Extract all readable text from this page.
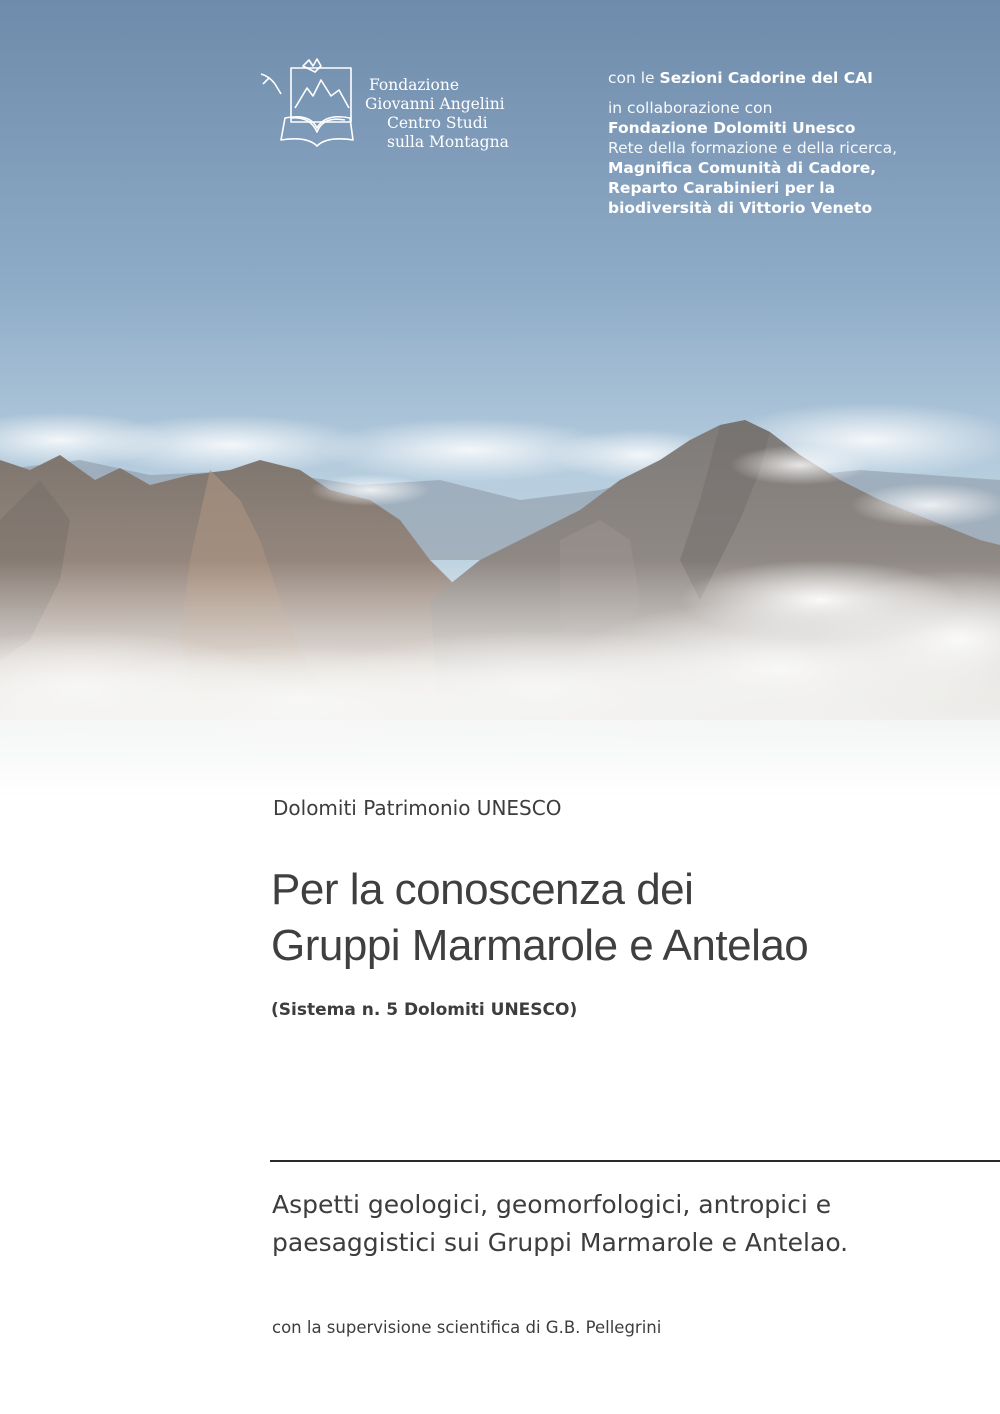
Fondazione
Giovanni Angelini
Centro Studi
sulla Montagna
con le Sezioni Cadorine del CAI
in collaborazione con
Fondazione Dolomiti Unesco
Rete della formazione e della ricerca,
Magnifica Comunità di Cadore,
Reparto Carabinieri per la
biodiversità di Vittorio Veneto
Dolomiti Patrimonio UNESCO
Per la conoscenza dei
Gruppi Marmarole e Antelao
(Sistema n. 5 Dolomiti UNESCO)
Aspetti geologici, geomorfologici, antropici e
paesaggistici sui Gruppi Marmarole e Antelao.
con la supervisione scientifica di G.B. Pellegrini
